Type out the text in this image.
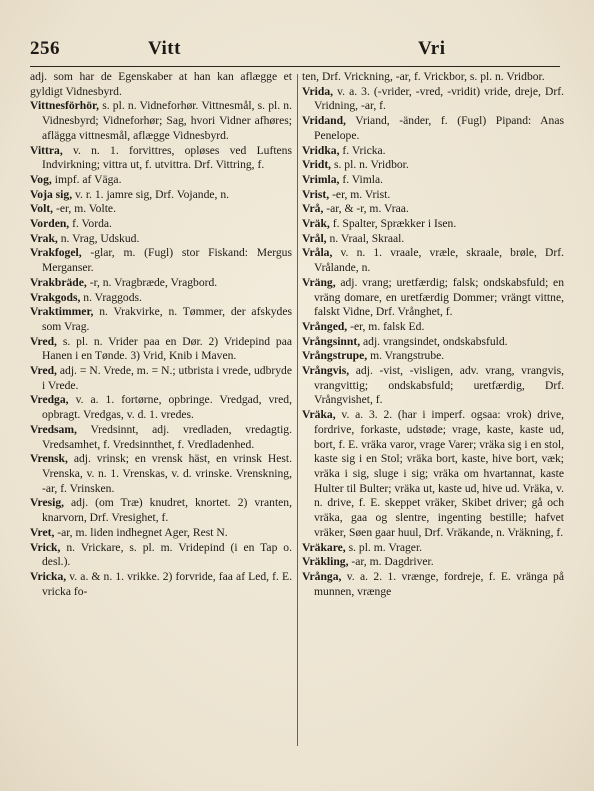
256	Vitt	Vri

adj. som har de Egenskaber at han kan aflægge et gyldigt Vidnesbyrd.

Vittnesförhör, s. pl. n. Vidneforhør. Vittnesmål, s. pl. n. Vidnesbyrd; Vidneforhør; Sag, hvori Vidner afhøres; afläggа vittnesmål, aflægge Vidnesbyrd.

Vittra, v. n. 1. forvittres, opløses ved Luftens Indvirkning; vittra ut, f. utvittra. Drf. Vittring, f.

Vog, impf. af Väga.

Voja sig, v. r. 1. jamre sig, Drf. Vojande, n.

Volt, -er, m. Volte.

Vorden, f. Vorda.

Vrak, n. Vrag, Udskud.

Vrakfogel, -glar, m. (Fugl) stor Fiskand: Mergus Merganser.

Vrakbräde, -r, n. Vragbræde, Vragbord.

Vrakgods, n. Vraggods.

Vraktimmer, n. Vrakvirke, n. Tømmer, der afskydes som Vrag.

Vred, s. pl. n. Vrider paa en Dør. 2) Vridepind paa Hanen i en Tønde. 3) Vrid, Knib i Maven.

Vred, adj. = N. Vrede, m. = N.; utbrista i vrede, udbryde i Vrede.

Vredga, v. a. 1. fortørne, opbringe. Vredgad, vred, opbragt. Vredgas, v. d. 1. vredes.

Vredsam, Vredsinnt, adj. vredladen, vredagtig. Vredsamhet, f. Vredsinnthet, f. Vredladenhed.

Vrensk, adj. vrinsk; en vrensk häst, en vrinsk Hest. Vrenska, v. n. 1. Vrenskas, v. d. vrinske. Vrenskning, -ar, f. Vrinsken.

Vresig, adj. (om Træ) knudret, knortet. 2) vranten, knarvorn, Drf. Vresighet, f.

Vret, -ar, m. liden indhegnet Ager, Rest N.

Vrick, n. Vrickare, s. pl. m. Vridepind (i en Tap o. desl.).

Vricka, v. a. & n. 1. vrikke. 2) forvride, faa af Led, f. E. vricka fo-

ten, Drf. Vrickning, -ar, f. Vrickbor, s. pl. n. Vridbor.

Vrida, v. a. 3. (-vrider, -vred, -vridit) vride, dreje, Drf. Vridning, -ar, f.

Vridand, Vriand, -änder, f. (Fugl) Pipand: Anas Penelope.

Vridka, f. Vricka.

Vridt, s. pl. n. Vridbor.

Vrimla, f. Vimla.

Vrist, -er, m. Vrist.

Vrå, -ar, & -r, m. Vraa.

Vräk, f. Spalter, Sprækker i Isen.

Vrål, n. Vraal, Skraal.

Vråla, v. n. 1. vraale, vræle, skraale, brøle, Drf. Vrålande, n.

Vräng, adj. vrang; uretfærdig; falsk; ondskabsfuld; en vräng domare, en uretfærdig Dommer; vrängt vittne, falskt Vidne, Drf. Vrånghet, f.

Vrånged, -er, m. falsk Ed.

Vrångsinnt, adj. vrangsindet, ondskabsfuld.

Vrångstrupe, m. Vrangstrube.

Vrångvis, adj. -vist, -visligen, adv. vrang, vrangvis, vrangvittig; ondskabsfuld; uretfærdig, Drf. Vrångvishet, f.

Vräka, v. a. 3. 2. (har i imperf. ogsaa: vrok) drive, fordrive, forkaste, udstøde; vrage, kaste, kaste ud, bort, f. E. vräka varor, vrage Varer; vräka sig i en stol, kaste sig i en Stol; vräka bort, kaste, hive bort, væk; vräka i sig, sluge i sig; vräka om hvartannat, kaste Hulter til Bulter; vräka ut, kaste ud, hive ud. Vräka, v. n. drive, f. E. skeppet vräker, Skibet driver; gå och vräka, gaa og slentre, ingenting bestille; hafvet vräker, Søen gaar huul, Drf. Vräkande, n. Vräkning, f.

Vräkare, s. pl. m. Vrager.

Vräkling, -ar, m. Dagdriver.

Vrånga, v. a. 2. 1. vrænge, fordreje, f. E. vränga på munnen, vrænge
